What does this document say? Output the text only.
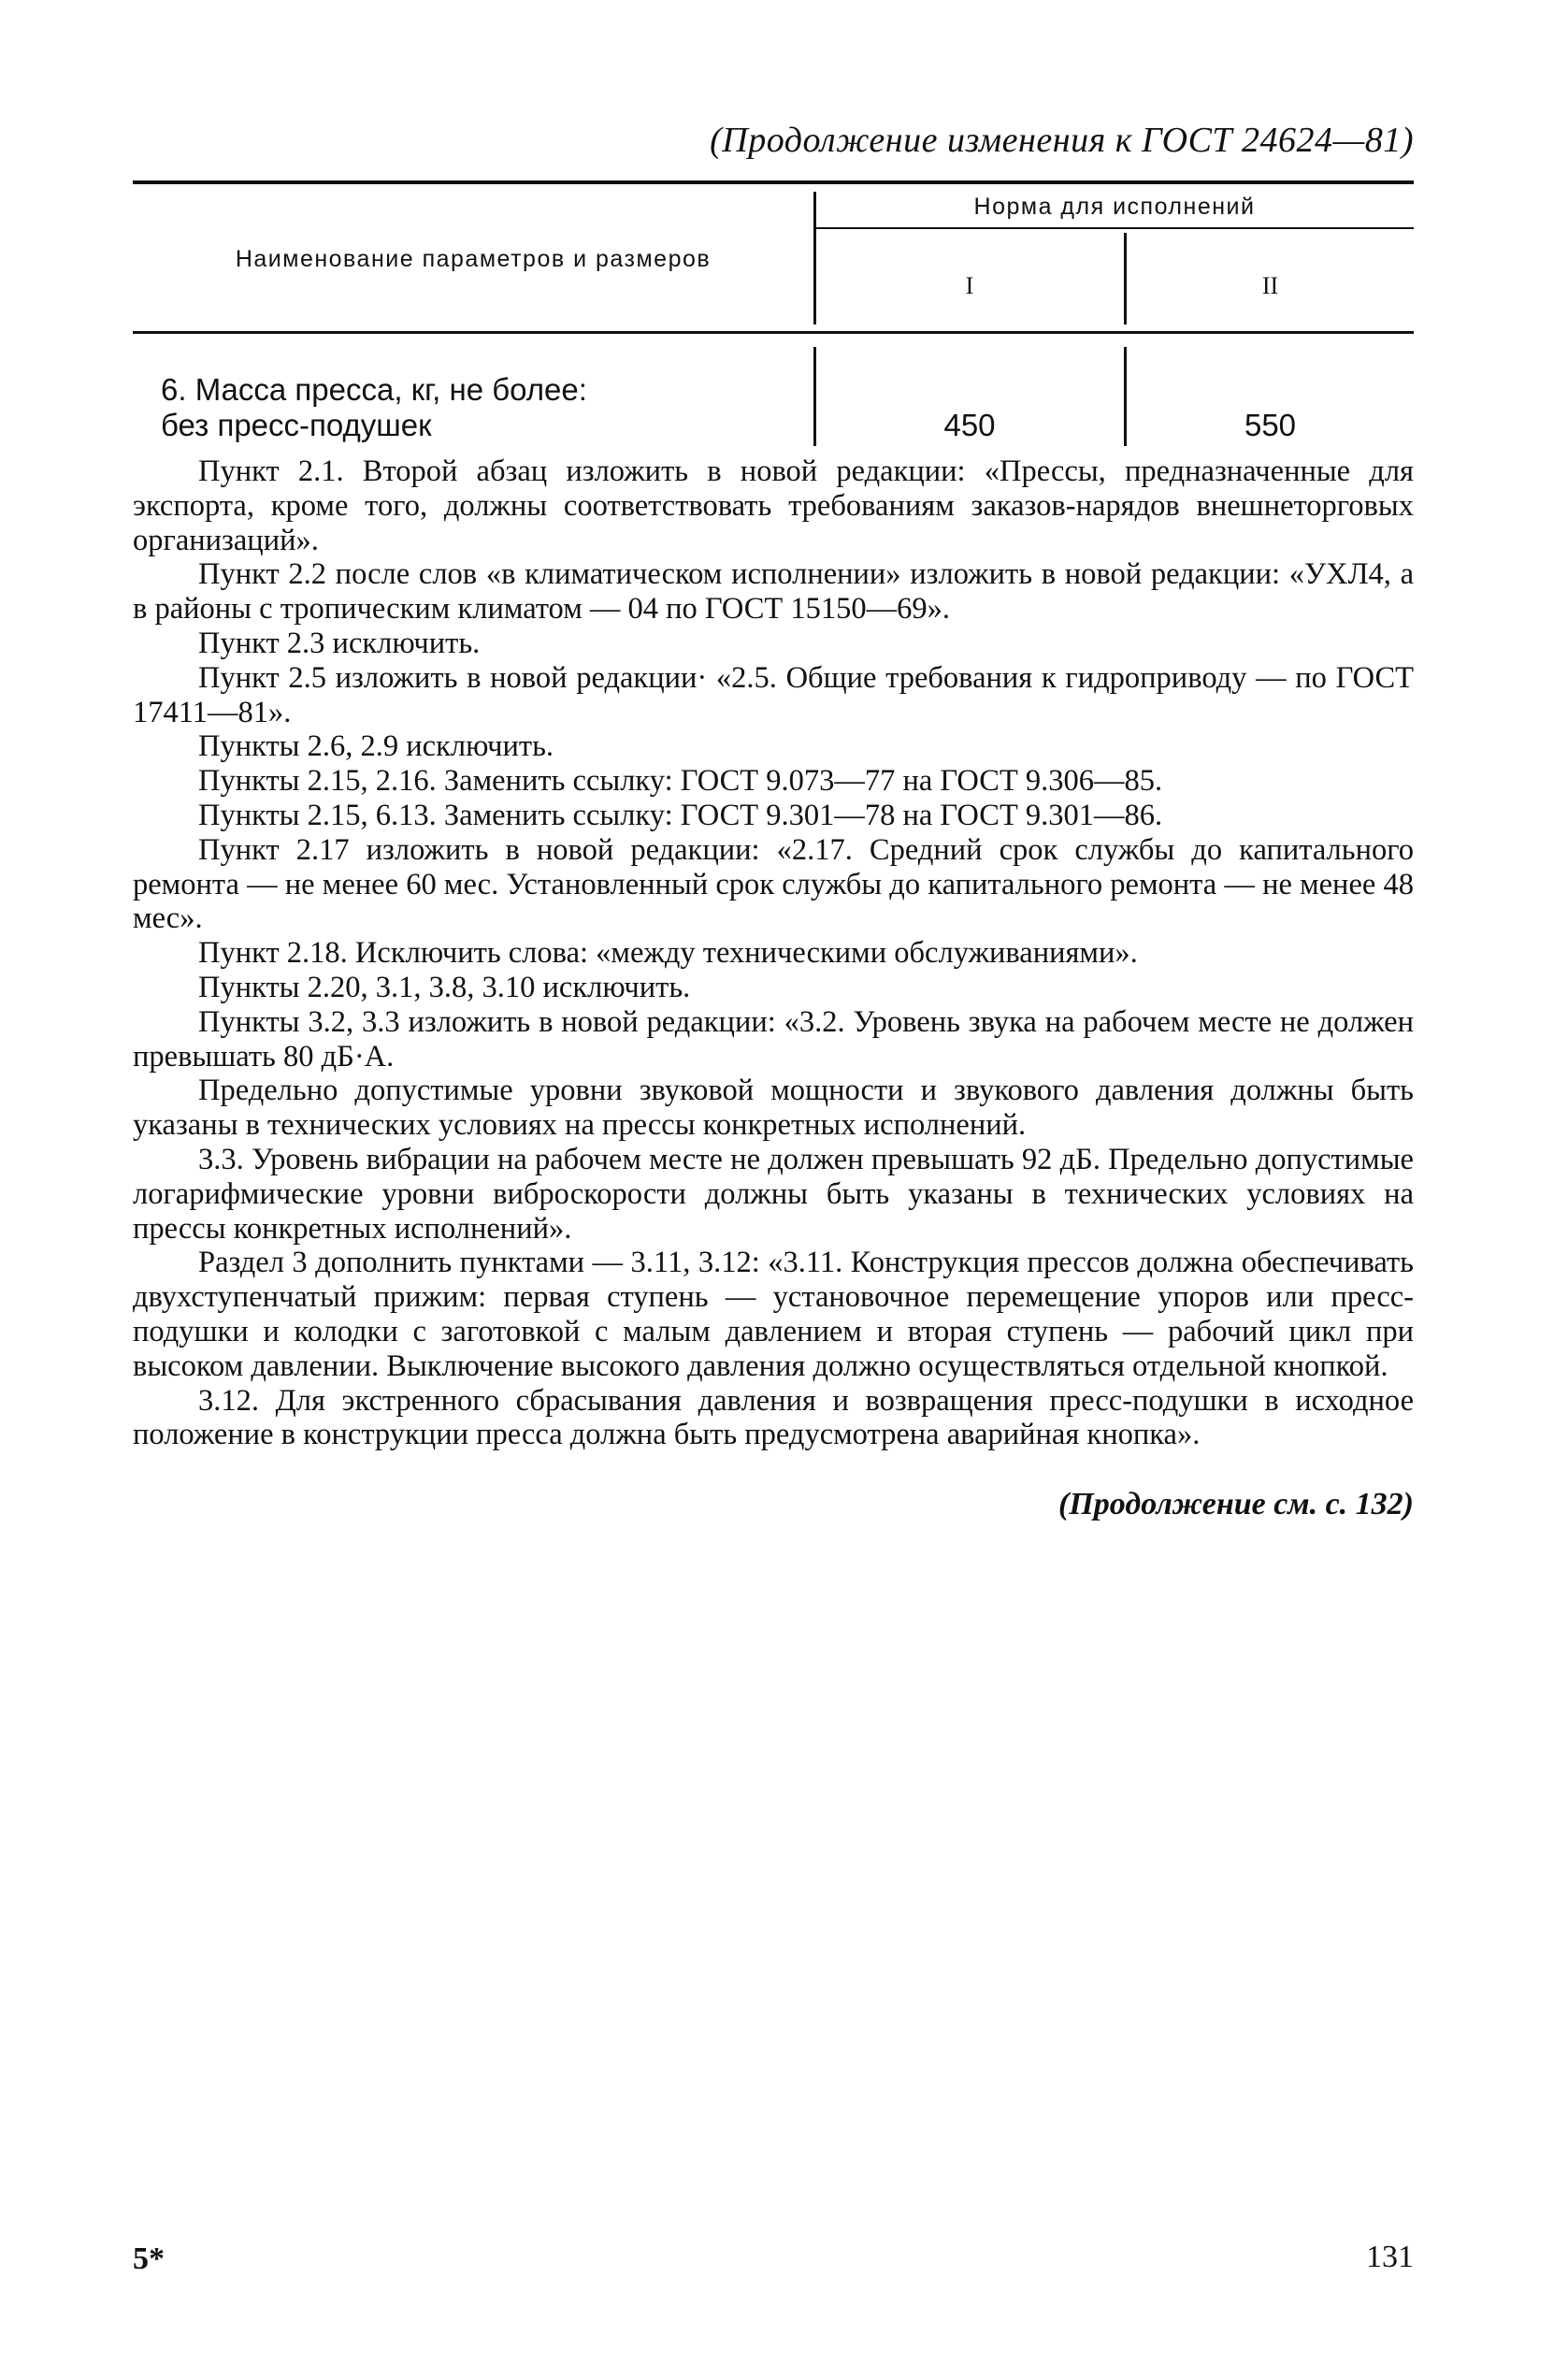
(Продолжение изменения к ГОСТ 24624—81)
Наименование параметров и размеров
Норма для исполнений
I	II
6. Масса пресса, кг, не более:
без пресс-подушек	450	550

Пункт 2.1. Второй абзац изложить в новой редакции: «Прессы, предназначенные для экспорта, кроме того, должны соответствовать требованиям заказов-нарядов внешнеторговых организаций».

Пункт 2.2 после слов «в климатическом исполнении» изложить в новой редакции: «УХЛ4, а в районы с тропическим климатом — 04 по ГОСТ 15150—69».

Пункт 2.3 исключить.

Пункт 2.5 изложить в новой редакции· «2.5. Общие требования к гидроприводу — по ГОСТ 17411—81».

Пункты 2.6, 2.9 исключить.

Пункты 2.15, 2.16. Заменить ссылку: ГОСТ 9.073—77 на ГОСТ 9.306—85.

Пункты 2.15, 6.13. Заменить ссылку: ГОСТ 9.301—78 на ГОСТ 9.301—86.

Пункт 2.17 изложить в новой редакции: «2.17. Средний срок службы до капитального ремонта — не менее 60 мес. Установленный срок службы до капитального ремонта — не менее 48 мес».

Пункт 2.18. Исключить слова: «между техническими обслуживаниями».

Пункты 2.20, 3.1, 3.8, 3.10 исключить.

Пункты 3.2, 3.3 изложить в новой редакции: «3.2. Уровень звука на рабочем месте не должен превышать 80 дБ·А.

Предельно допустимые уровни звуковой мощности и звукового давления должны быть указаны в технических условиях на прессы конкретных исполнений.

3.3. Уровень вибрации на рабочем месте не должен превышать 92 дБ. Предельно допустимые логарифмические уровни виброскорости должны быть указаны в технических условиях на прессы конкретных исполнений».

Раздел 3 дополнить пунктами — 3.11, 3.12: «3.11. Конструкция прессов должна обеспечивать двухступенчатый прижим: первая ступень — установочное перемещение упоров или пресс-подушки и колодки с заготовкой с малым давлением и вторая ступень — рабочий цикл при высоком давлении. Выключение высокого давления должно осуществляться отдельной кнопкой.

3.12. Для экстренного сбрасывания давления и возвращения пресс-подушки в исходное положение в конструкции пресса должна быть предусмотрена аварийная кнопка».

(Продолжение см. с. 132)
5*	131
